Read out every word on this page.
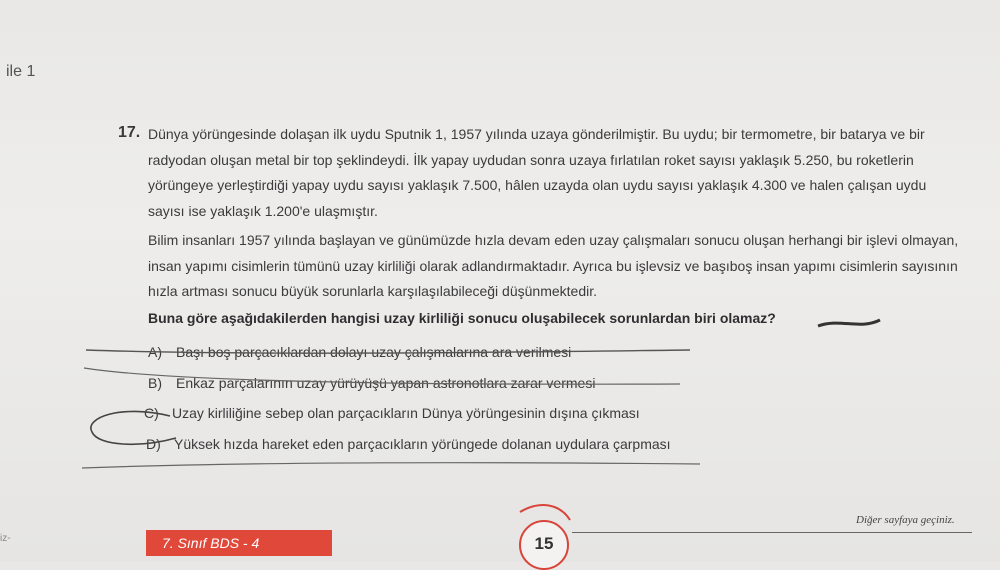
ile 1
iz-
17. Dünya yörüngesinde dolaşan ilk uydu Sputnik 1, 1957 yılında uzaya gönderilmiştir. Bu uydu; bir termometre, bir batarya ve bir radyodan oluşan metal bir top şeklindeydi. İlk yapay uydudan sonra uzaya fırlatılan roket sayısı yaklaşık 5.250, bu roketlerin yörüngeye yerleştirdiği yapay uydu sayısı yaklaşık 7.500, hâlen uzayda olan uydu sayısı yaklaşık 4.300 ve halen çalışan uydu sayısı ise yaklaşık 1.200'e ulaşmıştır.
Bilim insanları 1957 yılında başlayan ve günümüzde hızla devam eden uzay çalışmaları sonucu oluşan herhangi bir işlevi olmayan, insan yapımı cisimlerin tümünü uzay kirliliği olarak adlandırmaktadır. Ayrıca bu işlevsiz ve başıboş insan yapımı cisimlerin sayısının hızla artması sonucu büyük sorunlarla karşılaşılabileceği düşünmektedir.
Buna göre aşağıdakilerden hangisi uzay kirliliği sonucu oluşabilecek sorunlardan biri olamaz?
A) Başı boş parçacıklardan dolayı uzay çalışmalarına ara verilmesi
B) Enkaz parçalarının uzay yürüyüşü yapan astronotlara zarar vermesi
C) Uzay kirliliğine sebep olan parçacıkların Dünya yörüngesinin dışına çıkması
D) Yüksek hızda hareket eden parçacıkların yörüngede dolanan uydulara çarpması
7. Sınıf BDS - 4	15
Diğer sayfaya geçiniz.
